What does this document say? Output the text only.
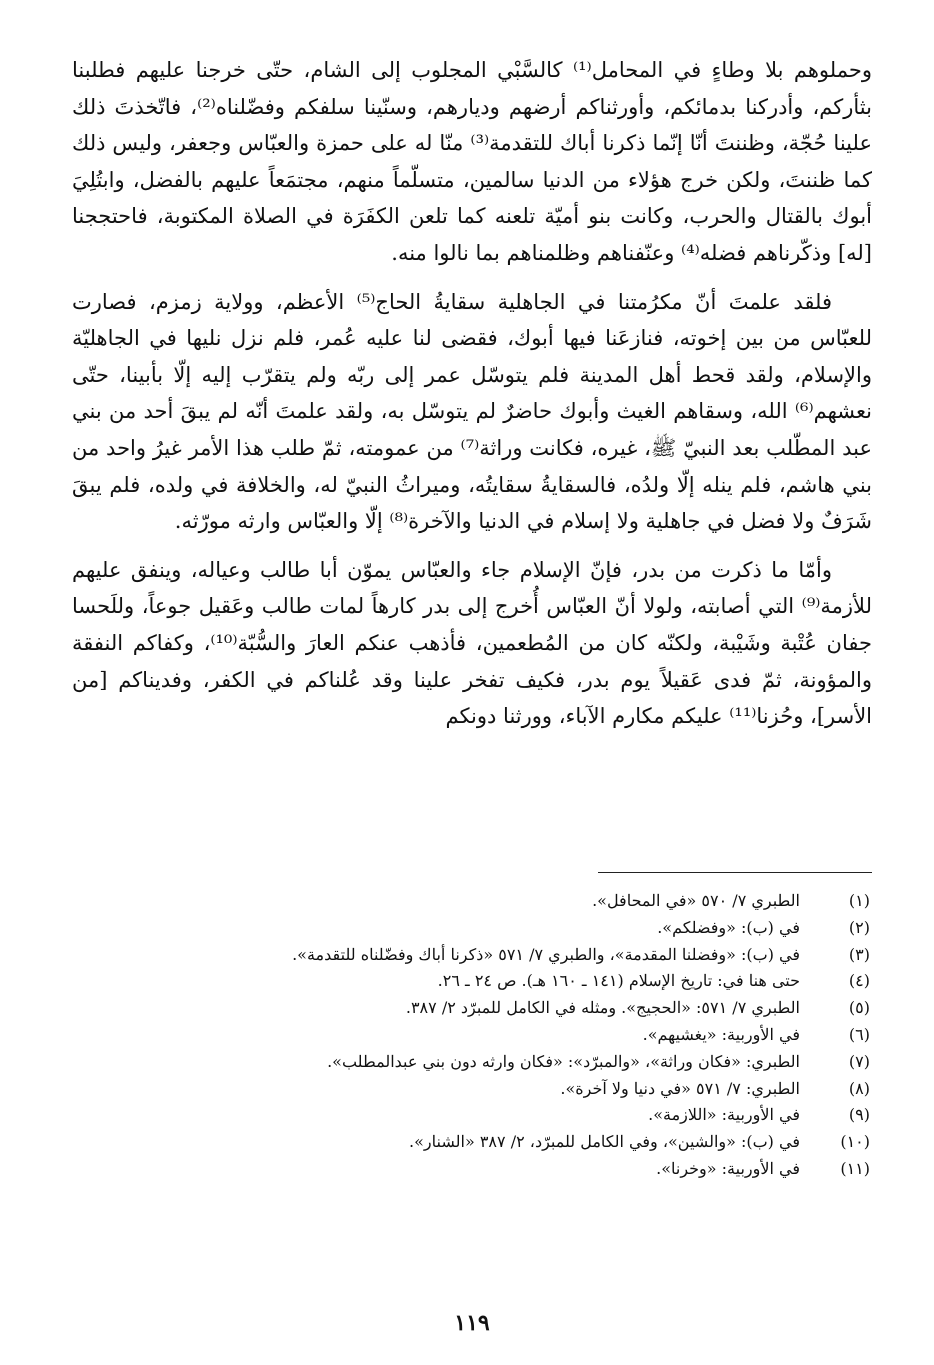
وحملوهم بلا وطاءٍ في المحامل⁽¹⁾ كالسَّبْي المجلوب إلى الشام، حتّى خرجنا عليهم فطلبنا بثأركم، وأدركنا بدمائكم، وأورثناكم أرضهم وديارهم، وسنّينا سلفكم وفضّلناه⁽²⁾، فاتّخذتَ ذلك علينا حُجّة، وظننتَ أنّا إنّما ذكرنا أباك للتقدمة⁽³⁾ منّا له على حمزة والعبّاس وجعفر، وليس ذلك كما ظننتَ، ولكن خرج هؤلاء من الدنيا سالمين، متسلّماً منهم، مجتمَعاً عليهم بالفضل، وابتُلِيَ أبوك بالقتال والحرب، وكانت بنو أميّة تلعنه كما تلعن الكفَرَة في الصلاة المكتوبة، فاحتججنا [له] وذكّرناهم فضله⁽⁴⁾ وعنّفناهم وظلمناهم بما نالوا منه.

فلقد علمتَ أنّ مكرُمتنا في الجاهلية سقايةُ الحاج⁽⁵⁾ الأعظم، وولاية زمزم، فصارت للعبّاس من بين إخوته، فنازعَنا فيها أبوك، فقضى لنا عليه عُمر، فلم نزل نليها في الجاهليّة والإسلام، ولقد قحط أهل المدينة فلم يتوسّل عمر إلى ربّه ولم يتقرّب إليه إلّا بأبينا، حتّى نعشهم⁽⁶⁾ الله، وسقاهم الغيث وأبوك حاضرٌ لم يتوسّل به، ولقد علمتَ أنّه لم يبقَ أحد من بني عبد المطّلب بعد النبيّ ﷺ، غيره، فكانت وراثة⁽⁷⁾ من عمومته، ثمّ طلب هذا الأمر غيرُ واحد من بني هاشم، فلم ينله إلّا ولدُه، فالسقايةُ سقايتُه، وميراثُ النبيّ له، والخلافة في ولده، فلم يبقَ شَرَفٌ ولا فضل في جاهلية ولا إسلام في الدنيا والآخرة⁽⁸⁾ إلّا والعبّاس وارثه مورّثه.

وأمّا ما ذكرت من بدر، فإنّ الإسلام جاء والعبّاس يموّن أبا طالب وعياله، وينفق عليهم للأزمة⁽⁹⁾ التي أصابته، ولولا أنّ العبّاس أُخرج إلى بدر كارهاً لمات طالب وعَقيل جوعاً، وللَحسا جفان عُتْبة وشَيْبة، ولكنّه كان من المُطعمين، فأذهب عنكم العارَ والسُّبّة⁽¹⁰⁾، وكفاكم النفقة والمؤونة، ثمّ فدى عَقيلاً يوم بدر، فكيف تفخر علينا وقد عُلناكم في الكفر، وفديناكم [من الأسر]، وحُزنا⁽¹¹⁾ عليكم مكارم الآباء، وورثنا دونكم

(١)
الطبري ٧/ ٥٧٠ «في المحافل».
(٢)
في (ب): «وفضلكم».
(٣)
في (ب): «وفضلنا المقدمة»، والطبري ٧/ ٥٧١ «ذكرنا أباك وفضّلناه للتقدمة».
(٤)
حتى هنا في: تاريخ الإسلام (١٤١ ـ ١٦٠ هـ). ص ٢٤ ـ ٢٦.
(٥)
الطبري ٧/ ٥٧١: «الحجيج». ومثله في الكامل للمبرّد ٢/ ٣٨٧.
(٦)
في الأوربية: «يغشيهم».
(٧)
الطبري: «فكان وراثة»، «والمبرّد»: «فكان وارثه دون بني عبدالمطلب».
(٨)
الطبري: ٧/ ٥٧١ «في دنيا ولا آخرة».
(٩)
في الأوربية: «اللازمة».
(١٠)
في (ب): «والشين»، وفي الكامل للمبرّد، ٢/ ٣٨٧ «الشنار».
(١١)
في الأوربية: «وخرنا».
١١٩
